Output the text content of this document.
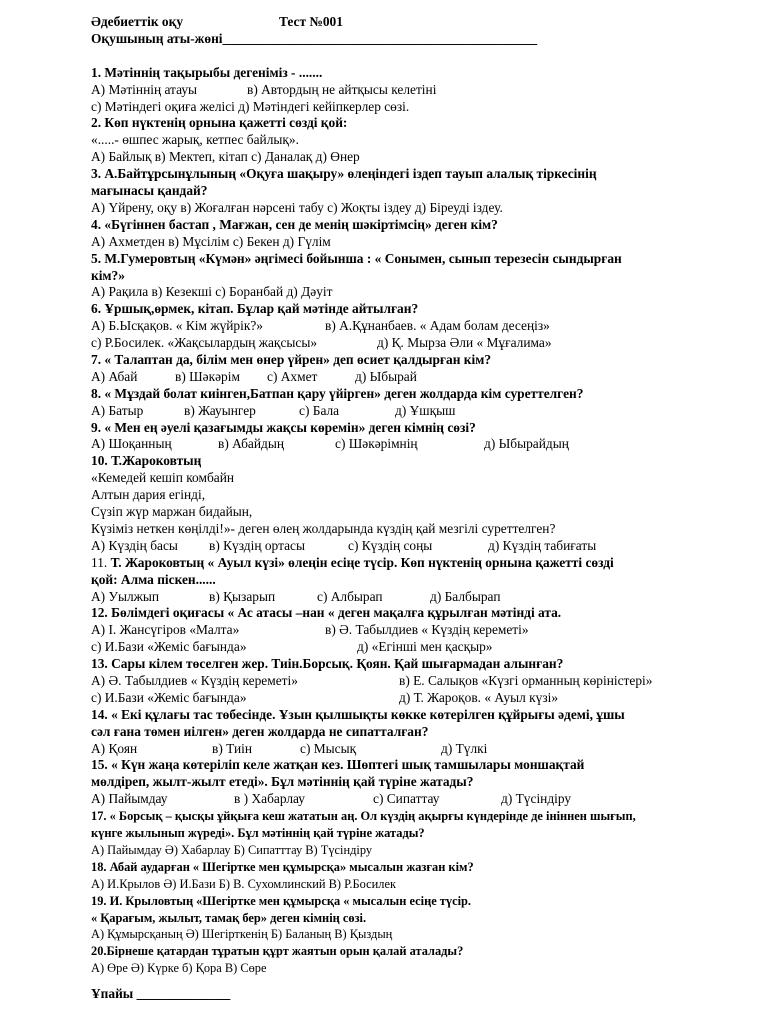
Әдебиеттік оқу	Тест №001
Оқушының аты-жөні_______________________________________________
1. Мәтіннің тақырыбы дегеніміз - .......
А) Мәтіннің атауы	в) Автордың не айтқысы келетіні
с) Мәтіндегі оқиға желісі д) Мәтіндегі кейіпкерлер сөзі.
2. Көп нүктенің орнына қажетті сөзді қой:
«.....- өшпес жарық, кетпес байлық».
А) Байлық в) Мектеп, кітап с) Даналақ д) Өнер
3. А.Байтұрсынұлының «Оқуға шақыру» өлеңіндегі іздеп тауып алалық тіркесінің
мағынасы қандай?
А) Үйрену, оқу в) Жоғалған нәрсені табу с) Жоқты іздеу д) Біреуді іздеу.
4. «Бүгіннен бастап , Мағжан, сен де менің шәкіртімсің» деген кім?
А) Ахметден в) Мұсілім с) Бекен д) Гүлім
5. М.Гумеровтың «Күмән» әңгімесі бойынша : « Сонымен, сынып терезесін сындырған
кім?»
А) Рақила в) Кезекші с) Боранбай д) Дәуіт
6. Ұршық,өрмек, кітап. Бұлар қай мәтінде айтылған?
А) Б.Ысқақов. « Кім жүйрік?»	в) А.Құнанбаев. « Адам болам десеңіз»
с) Р.Босилек. «Жақсылардың жақсысы»	д) Қ. Мырза Әли « Мұғалима»
7. « Талаптан да, білім мен өнер үйрен» деп өсиет қалдырған кім?
А) Абай	в) Шәкәрім с) Ахмет	д) Ыбырай
8. « Мұздай болат киінген,Батпан қару үйірген» деген жолдарда кім суреттелген?
А) Батыр	в) Жауынгер	с) Бала	д) Ұшқыш
9. « Мен ең әуелі қазағымды жақсы көремін» деген кімнің сөзі?
А) Шоқанның	в) Абайдың	с) Шәкәрімнің	д) Ыбырайдың
10. Т.Жароковтың
«Кемедей кешіп комбайн
Алтын дария егінді,
Сүзіп жүр маржан бидайын,
Күзіміз неткен көңілді!»- деген өлең жолдарында күздің қай мезгілі суреттелген?
А) Күздің басы в) Күздің ортасы	с) Күздің соңы	д) Күздің табиғаты
11. Т. Жароковтың « Ауыл күзі» өлеңін есіңе түсір. Көп нүктенің орнына қажетті сөзді
қой: Алма піскен......
А) Уылжып	в) Қызарып	с) Албырап	д) Балбырап
12. Бөлімдегі оқиғасы « Ас атасы –нан « деген мақалға құрылған мәтінді ата.
А) І. Жансүгіров «Малта»	в) Ә. Табылдиев « Күздің кереметі»
с) И.Бази «Жеміс бағында»	д) «Егінші мен қасқыр»
13. Сары кілем төселген жер. Тиін.Борсық. Қоян. Қай шығармадан алынған?
А) Ә. Табылдиев « Күздің кереметі»	в) Е. Салықов «Күзгі орманның көріністері»
с) И.Бази «Жеміс бағында»	д) Т. Жароқов. « Ауыл күзі»
14. « Екі құлағы тас төбесінде. Ұзын қылшықты көкке көтерілген құйрығы әдемі, ұшы
сәл ғана төмен иілген» деген жолдарда не сипатталған?
А) Қоян	в) Тиін	с) Мысық	д) Түлкі
15. « Күн жаңа көтеріліп келе жатқан кез. Шөптегі шық тамшылары моншақтай
мөлдіреп, жылт-жылт етеді». Бұл мәтіннің қай түріне жатады?
А) Пайымдау	в ) Хабарлау	с) Сипаттау	д) Түсіндіру
17. « Борсық – қысқы ұйқыға кеш жататын аң. Ол күздің ақырғы күндерінде де ініннен шығып,
күнге жылынып жүреді». Бұл мәтіннің қай түріне жатады?
А) Пайымдау Ә) Хабарлау Б) Сипатттау В) Түсіндіру
18. Абай аударған « Шегіртке мен құмырсқа» мысалын жазған кім?
А) И.Крылов Ә) И.Бази Б) В. Сухомлинский В) Р.Босилек
19. И. Крыловтың «Шегіртке мен құмырсқа « мысалын есіңе түсір.
« Қарағым, жылыт, тамақ бер» деген кімнің сөзі.
А) Құмырсқаның Ә) Шегірткенің Б) Баланың В) Қыздың
20.Бірнеше қатардан тұратын құрт жаятын орын қалай аталады?
А) Өре Ә) Күрке б) Қора В) Сөре
Ұпайы ______________
